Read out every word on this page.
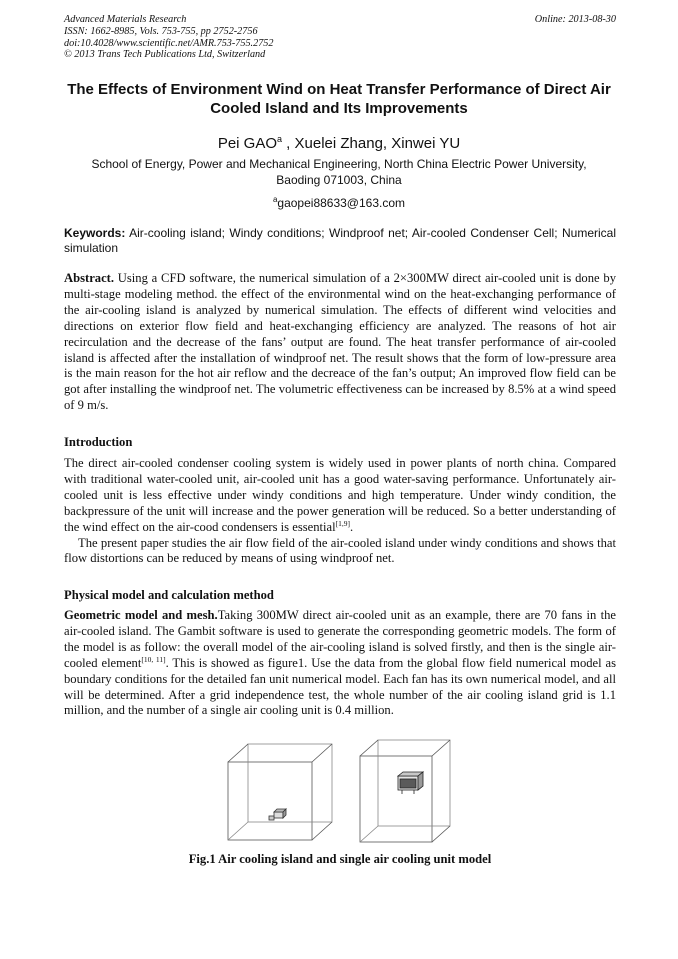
Advanced Materials Research
ISSN: 1662-8985, Vols. 753-755, pp 2752-2756
doi:10.4028/www.scientific.net/AMR.753-755.2752
© 2013 Trans Tech Publications Ltd, Switzerland
Online: 2013-08-30
The Effects of Environment Wind on Heat Transfer Performance of Direct Air Cooled Island and Its Improvements
Pei GAO$^a$ , Xuelei Zhang, Xinwei YU
School of Energy, Power and Mechanical Engineering, North China Electric Power University, Baoding 071003, China
$^a$gaopei88633@163.com
Keywords: Air-cooling island; Windy conditions; Windproof net; Air-cooled Condenser Cell; Numerical simulation
Abstract. Using a CFD software, the numerical simulation of a 2×300MW direct air-cooled unit is done by multi-stage modeling method. the effect of the environmental wind on the heat-exchanging performance of the air-cooling island is analyzed by numerical simulation. The effects of different wind velocities and directions on exterior flow field and heat-exchanging efficiency are analyzed. The reasons of hot air recirculation and the decrease of the fans’ output are found. The heat transfer performance of air-cooled island is affected after the installation of windproof net. The result shows that the form of low-pressure area is the main reason for the hot air reflow and the decreace of the fan’s output; An improved flow field can be got after installing the windproof net. The volumetric effectiveness can be increased by 8.5% at a wind speed of 9 m/s.
Introduction

The direct air-cooled condenser cooling system is widely used in power plants of north china. Compared with traditional water-cooled unit, air-cooled unit has a good water-saving performance. Unfortunately air-cooled unit is less effective under windy conditions and high temperature. Under windy condition, the backpressure of the unit will increase and the power generation will be reduced. So a better understanding of the wind effect on the air-cood condensers is essential[1,9].

The present paper studies the air flow field of the air-cooled island under windy conditions and shows that flow distortions can be reduced by means of using windproof net.

Physical model and calculation method
Geometric model and mesh.Taking 300MW direct air-cooled unit as an example, there are 70 fans in the air-cooled island. The Gambit software is used to generate the corresponding geometric models. The form of the model is as follow: the overall model of the air-cooling island is solved firstly, and then is the single air-cooled element[10, 11]. This is showed as figure1. Use the data from the global flow field numerical model as boundary conditions for the detailed fan unit numerical model. Each fan has its own numerical model, and all will be determined. After a grid independence test, the whole number of the air cooling island grid is 1.1 million, and the number of a single air cooling unit is 0.4 million.
Fig.1 Air cooling island and single air cooling unit model
